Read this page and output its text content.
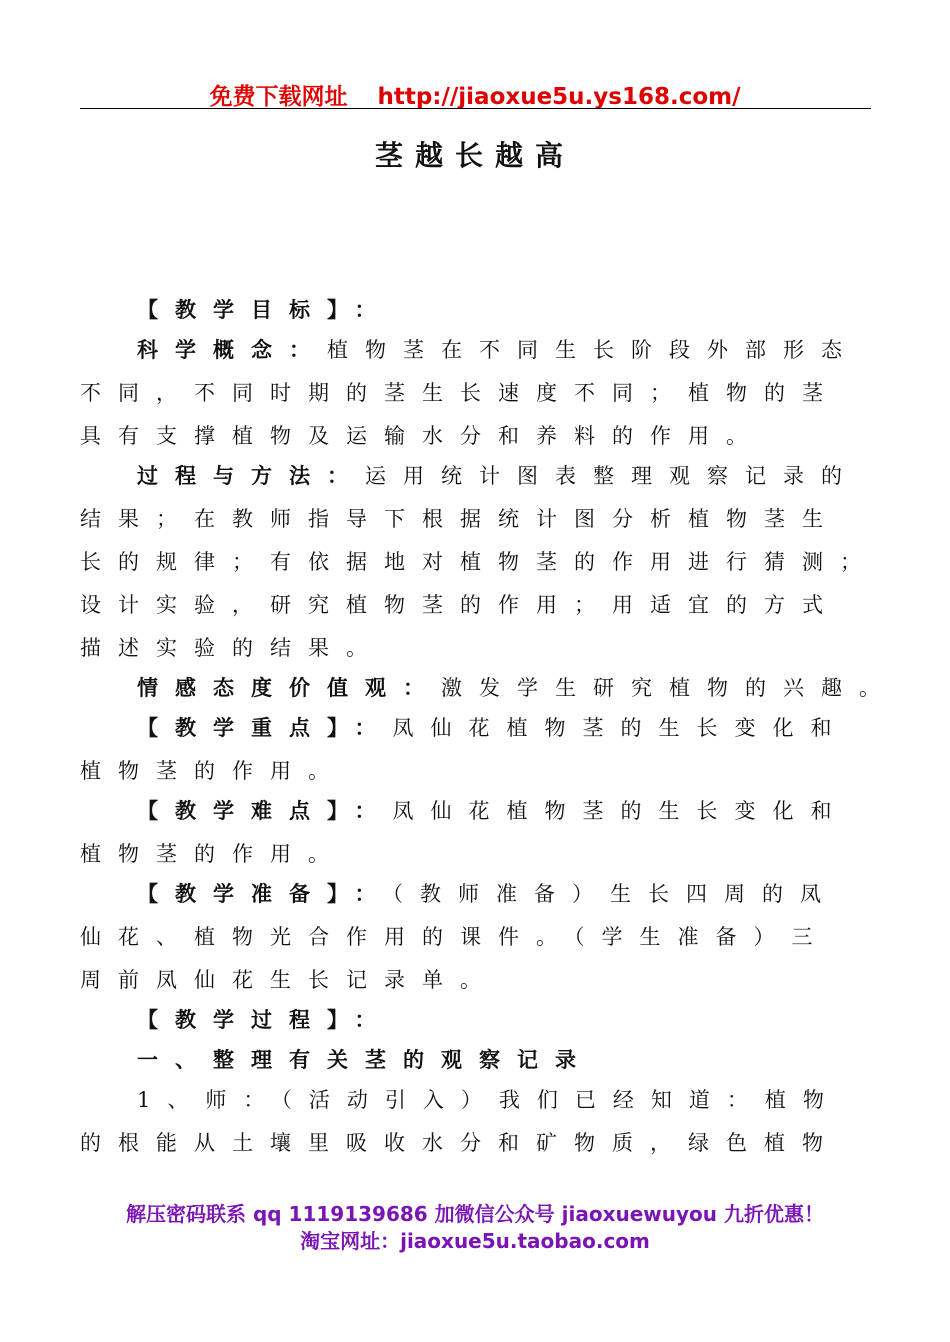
免费下载网址 http://jiaoxue5u.ys168.com/
茎越长越高
【教学目标】：
科学概念：植物茎在不同生长阶段外部形态
不同，不同时期的茎生长速度不同；植物的茎
具有支撑植物及运输水分和养料的作用。
过程与方法：运用统计图表整理观察记录的
结果；在教师指导下根据统计图分析植物茎生
长的规律；有依据地对植物茎的作用进行猜测；
设计实验，研究植物茎的作用；用适宜的方式
描述实验的结果。
情感态度价值观：激发学生研究植物的兴趣。
【教学重点】：凤仙花植物茎的生长变化和
植物茎的作用。
【教学难点】：凤仙花植物茎的生长变化和
植物茎的作用。
【教学准备】：（教师准备）生长四周的凤
仙花、植物光合作用的课件。（学生准备）三
周前凤仙花生长记录单。
【教学过程】：
一、整理有关茎的观察记录
1、师：（活动引入）我们已经知道：植物
的根能从土壤里吸收水分和矿物质，绿色植物
解压密码联系 qq 1119139686 加微信公众号 jiaoxuewuyou 九折优惠！
淘宝网址：jiaoxue5u.taobao.com
